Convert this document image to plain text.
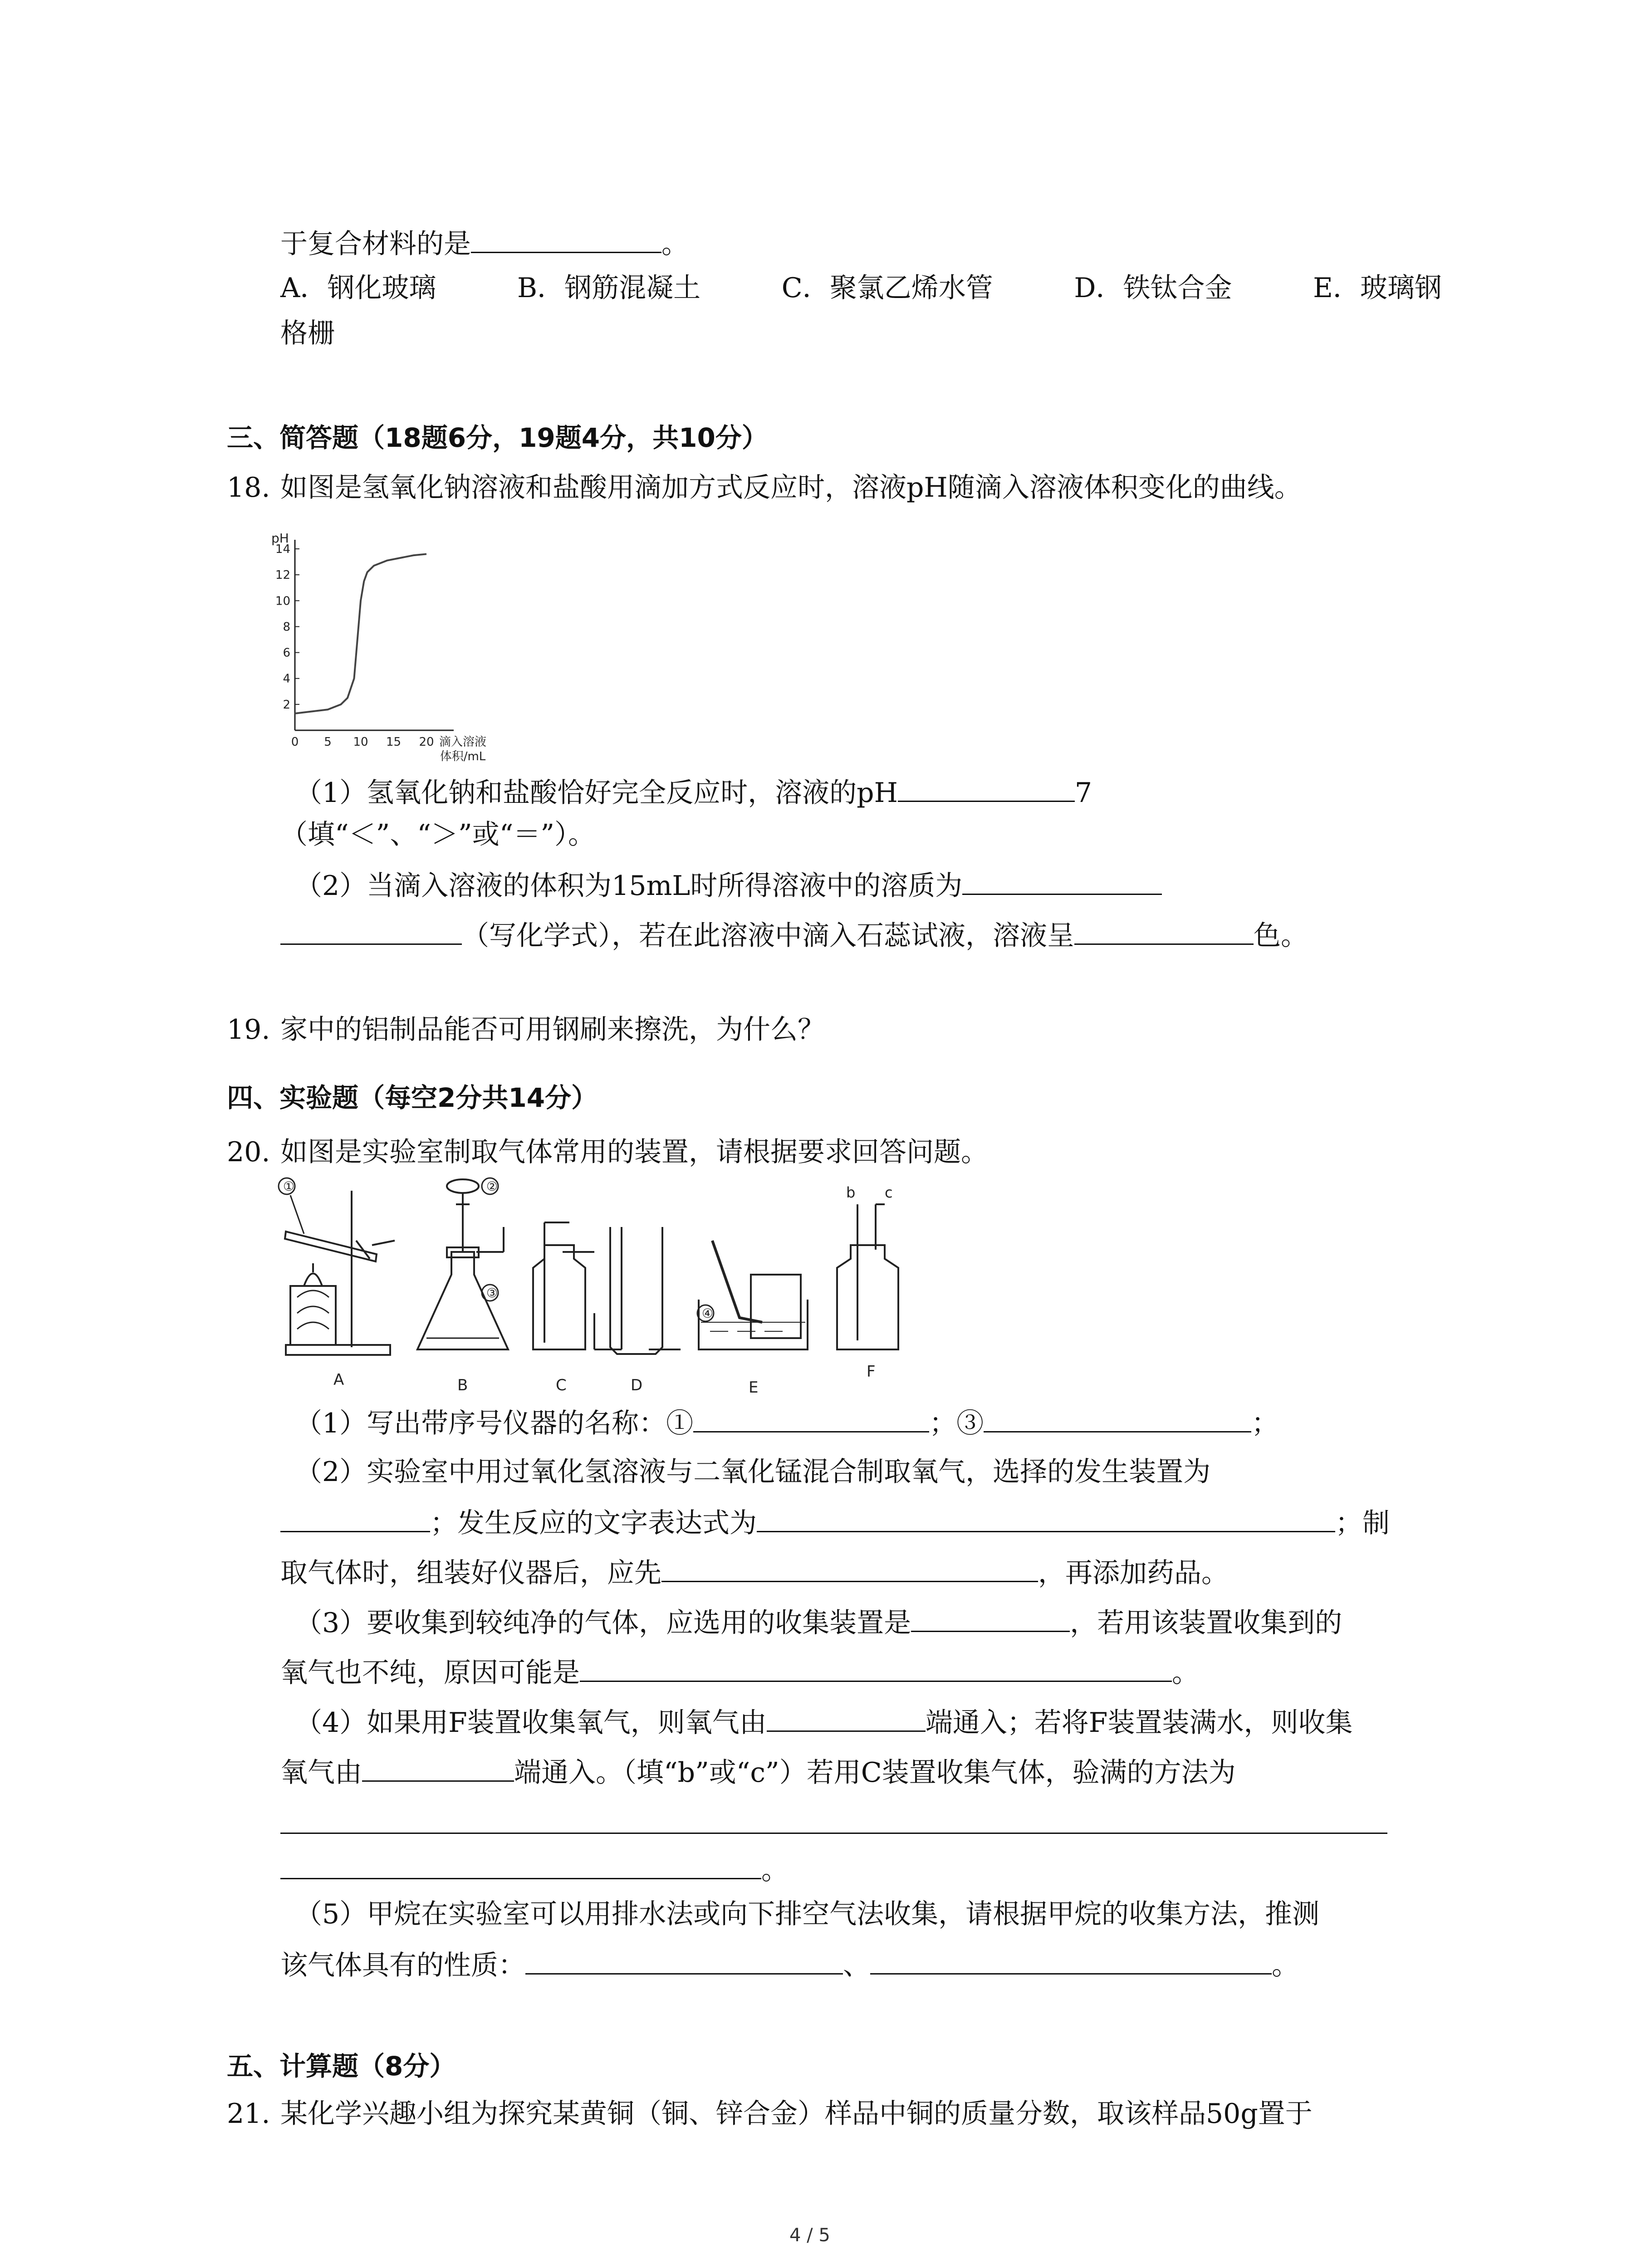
于复合材料的是	。
A．钢化玻璃	B．钢筋混凝土	C．聚氯乙烯水管	D．铁钛合金	E．玻璃钢
格栅
三、简答题（18题6分，19题4分，共10分）
18. 如图是氢氧化钠溶液和盐酸用滴加方式反应时，溶液pH随滴入溶液体积变化的曲线。
pH
2
4
6
8
10
12
14
0 5 10 15 20 滴入溶液
体积/mL
（1）氢氧化钠和盐酸恰好完全反应时，溶液的pH	7
（填“＜”、“＞”或“＝”）。
（2）当滴入溶液的体积为15mL时所得溶液中的溶质为
（写化学式），若在此溶液中滴入石蕊试液，溶液呈	色。
19. 家中的铝制品能否可用钢刷来擦洗，为什么？
四、实验题（每空2分共14分）
20. 如图是实验室制取气体常用的装置，请根据要求回答问题。
①
A
②
③
B	C	D
④
E
b c
F
（1）写出带序号仪器的名称：①	；③	；
（2）实验室中用过氧化氢溶液与二氧化锰混合制取氧气，选择的发生装置为
；发生反应的文字表达式为	；制
取气体时，组装好仪器后，应先	，再添加药品。
（3）要收集到较纯净的气体，应选用的收集装置是	，若用该装置收集到的
氧气也不纯，原因可能是	。
（4）如果用F装置收集氧气，则氧气由	端通入；若将F装置装满水，则收集
氧气由	端通入。（填“b”或“c”）若用C装置收集气体，验满的方法为
。
（5）甲烷在实验室可以用排水法或向下排空气法收集，请根据甲烷的收集方法，推测
该气体具有的性质：	、	。
五、计算题（8分）
21. 某化学兴趣小组为探究某黄铜（铜、锌合金）样品中铜的质量分数，取该样品50g置于
4 / 5
